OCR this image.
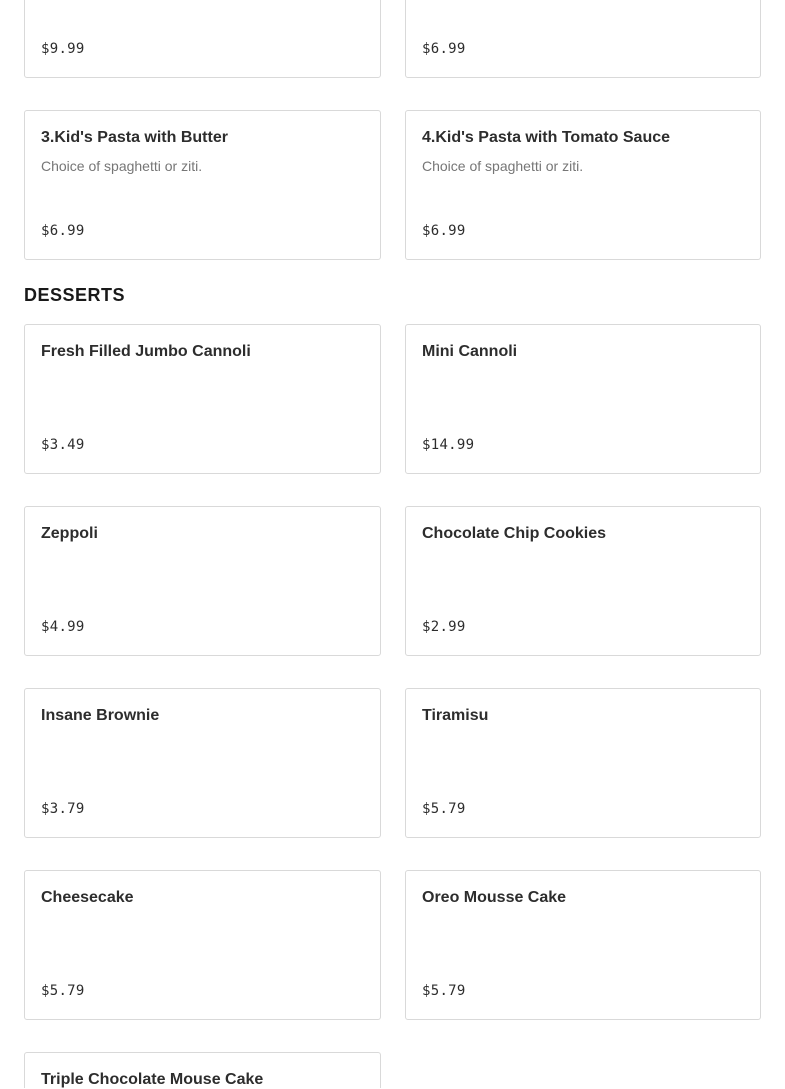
$9.99	$6.99
3.Kid's Pasta with Butter
Choice of spaghetti or ziti.
$6.99
4.Kid's Pasta with Tomato Sauce
Choice of spaghetti or ziti.
$6.99
DESSERTS
Fresh Filled Jumbo Cannoli
$3.49
Mini Cannoli
$14.99
Zeppoli
$4.99
Chocolate Chip Cookies
$2.99
Insane Brownie
$3.79
Tiramisu
$5.79
Cheesecake
$5.79
Oreo Mousse Cake
$5.79
Triple Chocolate Mouse Cake
